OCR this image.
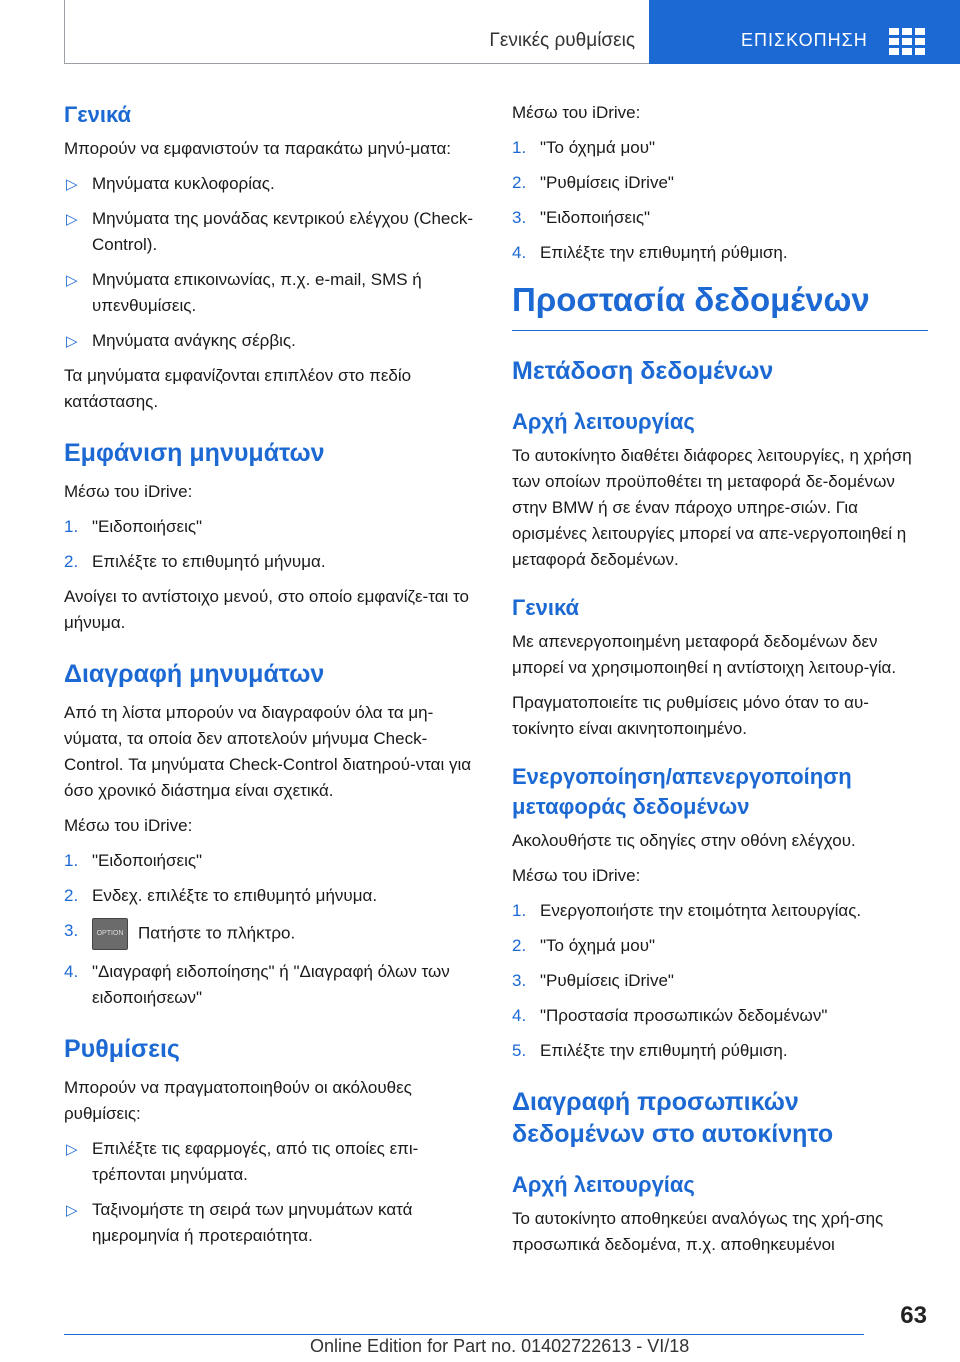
Γενικές ρυθμίσεις	ΕΠΙΣΚΟΠΗΣΗ
Γενικά

Μπορούν να εμφανιστούν τα παρακάτω μηνύ-ματα:

▷ Μηνύματα κυκλοφορίας.
▷ Μηνύματα της μονάδας κεντρικού ελέγχου (Check-Control).
▷ Μηνύματα επικοινωνίας, π.χ. e-mail, SMS ή υπενθυμίσεις.
▷ Μηνύματα ανάγκης σέρβις.

Τα μηνύματα εμφανίζονται επιπλέον στο πεδίο κατάστασης.

Εμφάνιση μηνυμάτων

Μέσω του iDrive:

1. "Ειδοποιήσεις"
2. Επιλέξτε το επιθυμητό μήνυμα.

Ανοίγει το αντίστοιχο μενού, στο οποίο εμφανίζε-ται το μήνυμα.

Διαγραφή μηνυμάτων

Από τη λίστα μπορούν να διαγραφούν όλα τα μη-νύματα, τα οποία δεν αποτελούν μήνυμα Check-Control. Τα μηνύματα Check-Control διατηρού-νται για όσο χρονικό διάστημα είναι σχετικά.

Μέσω του iDrive:

1. "Ειδοποιήσεις"
2. Ενδεχ. επιλέξτε το επιθυμητό μήνυμα.
3.	OPTION Πατήστε το πλήκτρο.
4. "Διαγραφή ειδοποίησης" ή "Διαγραφή όλων των ειδοποιήσεων"
Ρυθμίσεις

Μπορούν να πραγματοποιηθούν οι ακόλουθες ρυθμίσεις:

▷ Επιλέξτε τις εφαρμογές, από τις οποίες επι-τρέπονται μηνύματα.
▷ Ταξινομήστε τη σειρά των μηνυμάτων κατά ημερομηνία ή προτεραιότητα.

Μέσω του iDrive:

1. "Το όχημά μου"
2. "Ρυθμίσεις iDrive"
3. "Ειδοποιήσεις"
4. Επιλέξτε την επιθυμητή ρύθμιση.
Προστασία δεδομένων
Μετάδοση δεδομένων
Αρχή λειτουργίας

Το αυτοκίνητο διαθέτει διάφορες λειτουργίες, η χρήση των οποίων προϋποθέτει τη μεταφορά δε-δομένων στην BMW ή σε έναν πάροχο υπηρε-σιών. Για ορισμένες λειτουργίες μπορεί να απε-νεργοποιηθεί η μεταφορά δεδομένων.

Γενικά

Με απενεργοποιημένη μεταφορά δεδομένων δεν μπορεί να χρησιμοποιηθεί η αντίστοιχη λειτουρ-γία.

Πραγματοποιείτε τις ρυθμίσεις μόνο όταν το αυ-τοκίνητο είναι ακινητοποιημένο.

Ενεργοποίηση/απενεργοποίηση μεταφοράς δεδομένων

Ακολουθήστε τις οδηγίες στην οθόνη ελέγχου.

Μέσω του iDrive:

1. Ενεργοποιήστε την ετοιμότητα λειτουργίας.
2. "Το όχημά μου"
3. "Ρυθμίσεις iDrive"
4. "Προστασία προσωπικών δεδομένων"
5. Επιλέξτε την επιθυμητή ρύθμιση.
Διαγραφή προσωπικών δεδομένων στο αυτοκίνητο
Αρχή λειτουργίας

Το αυτοκίνητο αποθηκεύει αναλόγως της χρή-σης προσωπικά δεδομένα, π.χ. αποθηκευμένοι

63
Online Edition for Part no. 01402722613 - VI/18
